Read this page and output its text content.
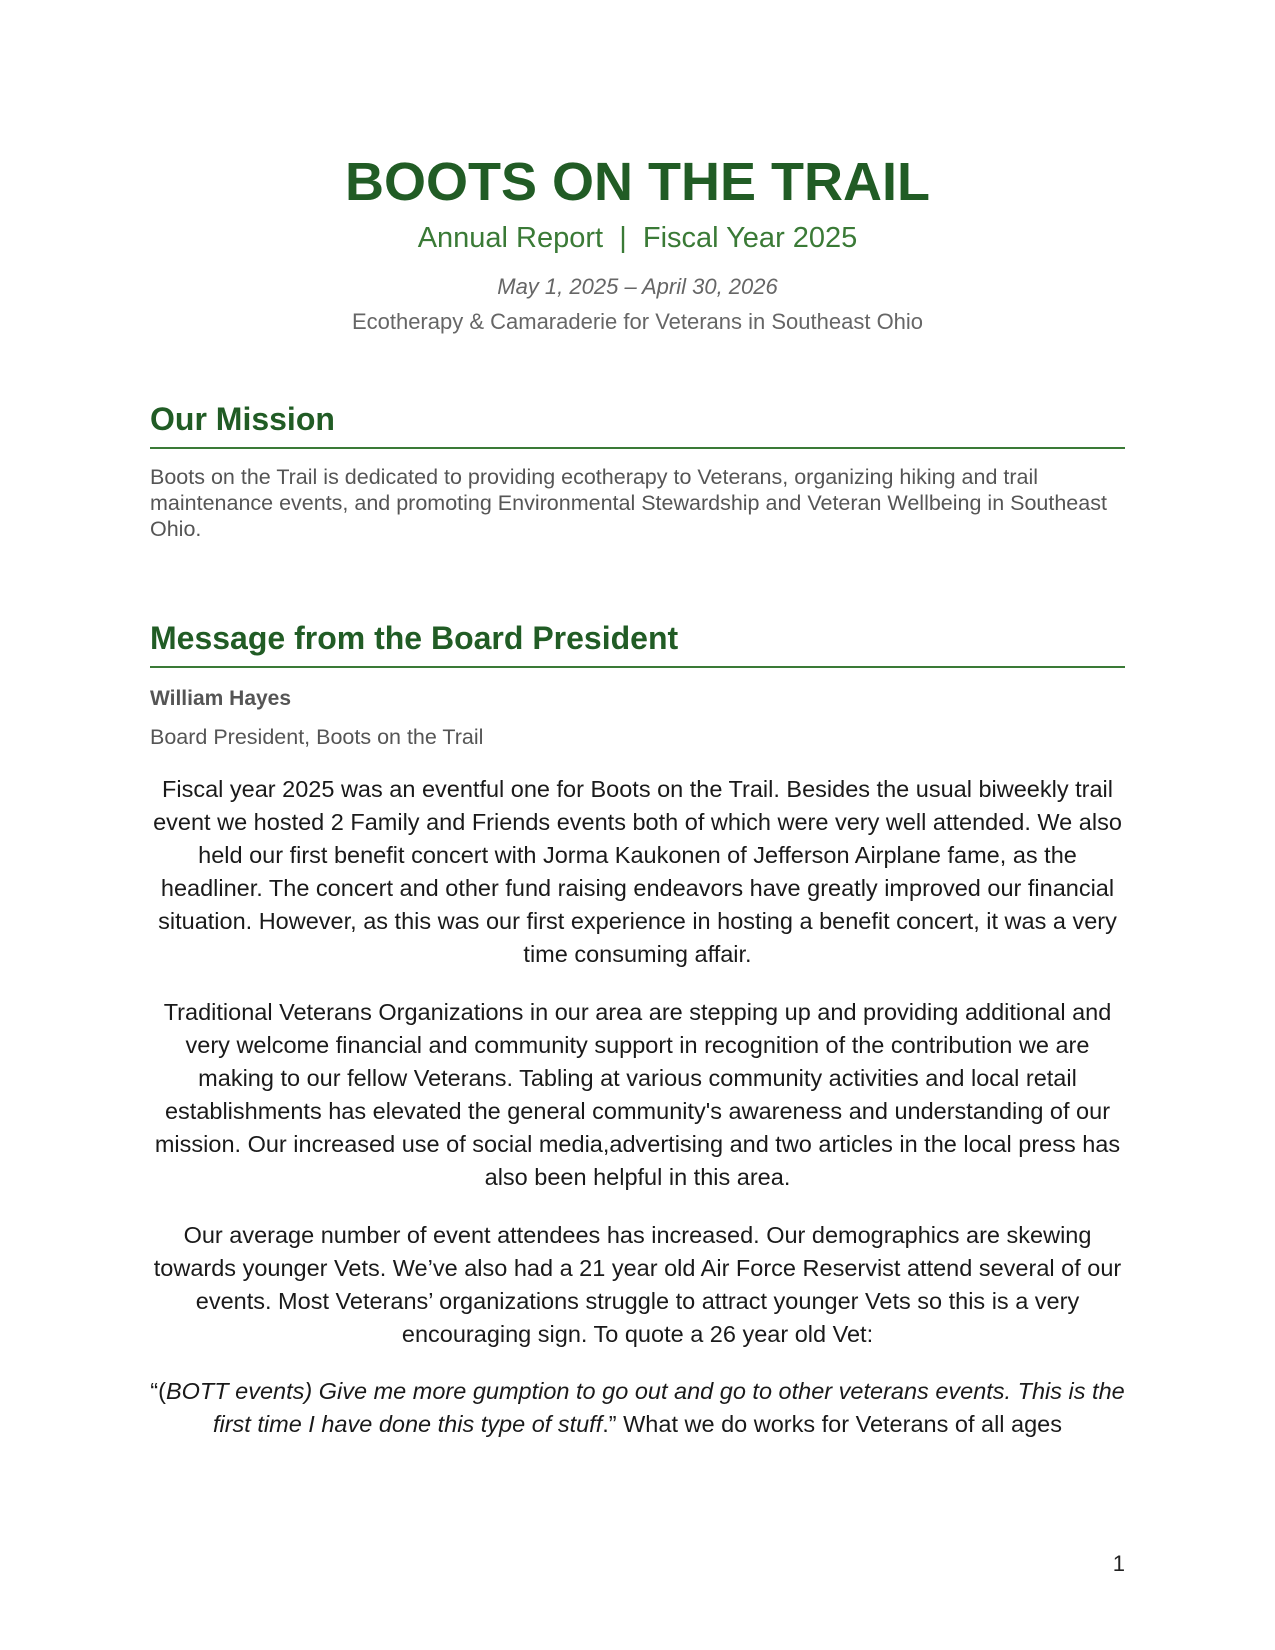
BOOTS ON THE TRAIL
Annual Report  |  Fiscal Year 2025
May 1, 2025 – April 30, 2026
Ecotherapy & Camaraderie for Veterans in Southeast Ohio
Our Mission

Boots on the Trail is dedicated to providing ecotherapy to Veterans, organizing hiking and trail maintenance events, and promoting Environmental Stewardship and Veteran Wellbeing in Southeast Ohio.

Message from the Board President
William Hayes
Board President, Boots on the Trail

Fiscal year 2025 was an eventful one for Boots on the Trail. Besides the usual biweekly trail event we hosted 2 Family and Friends events both of which were very well attended. We also held our first benefit concert with Jorma Kaukonen of Jefferson Airplane fame, as the headliner. The concert and other fund raising endeavors have greatly improved our financial situation. However, as this was our first experience in hosting a benefit concert, it was a very time consuming affair.

Traditional Veterans Organizations in our area are stepping up and providing additional and very welcome financial and community support in recognition of the contribution we are making to our fellow Veterans. Tabling at various community activities and local retail establishments has elevated the general community's awareness and understanding of our mission. Our increased use of social media,advertising and two articles in the local press has also been helpful in this area.

Our average number of event attendees has increased. Our demographics are skewing towards younger Vets. We’ve also had a 21 year old Air Force Reservist attend several of our events. Most Veterans’ organizations struggle to attract younger Vets so this is a very encouraging sign. To quote a 26 year old Vet:

“(BOTT events) Give me more gumption to go out and go to other veterans events. This is the first time I have done this type of stuff.” What we do works for Veterans of all ages

1
